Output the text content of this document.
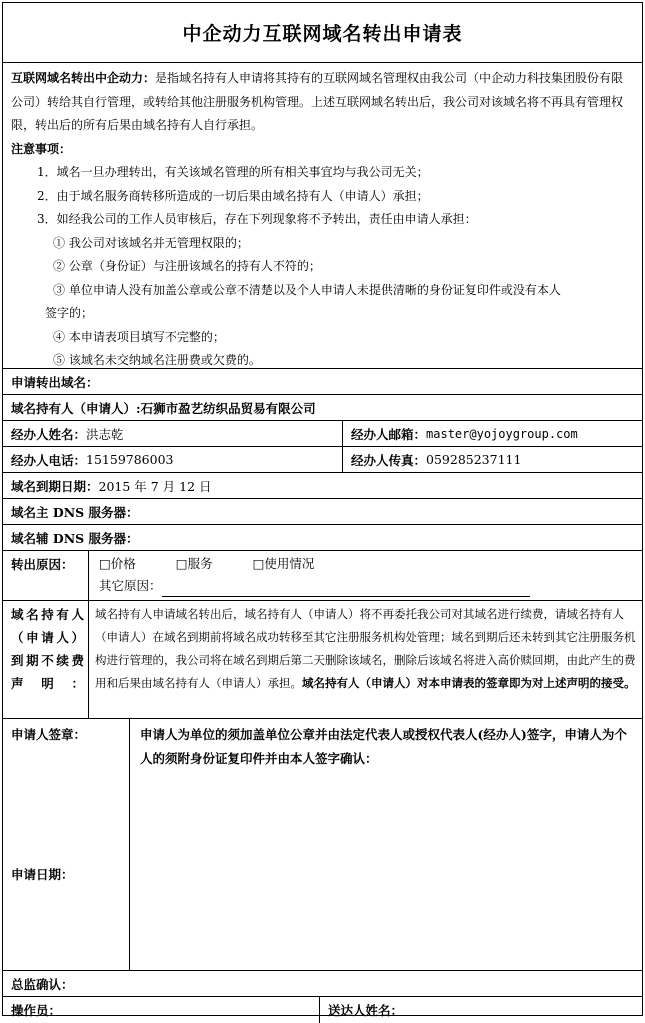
中企动力互联网域名转出申请表

互联网域名转出中企动力：是指域名持有人申请将其持有的互联网域名管理权由我公司（中企动力科技集团股份有限公司）转给其自行管理，或转给其他注册服务机构管理。上述互联网域名转出后，我公司对该域名将不再具有管理权限，转出后的所有后果由域名持有人自行承担。

注意事项：

1．域名一旦办理转出，有关该域名管理的所有相关事宜均与我公司无关；

2．由于域名服务商转移所造成的一切后果由域名持有人（申请人）承担；

3．如经我公司的工作人员审核后，存在下列现象将不予转出，责任由申请人承担：

① 我公司对该域名并无管理权限的；

② 公章（身份证）与注册该域名的持有人不符的；

③ 单位申请人没有加盖公章或公章不清楚以及个人申请人未提供清晰的身份证复印件或没有本人

签字的；

④ 本申请表项目填写不完整的；

⑤ 该域名未交纳域名注册费或欠费的。

申请转出域名：
域名持有人（申请人）: 石狮市盈艺纺织品贸易有限公司
经办人姓名： 洪志乾	经办人邮箱： master@yojoygroup.com
经办人电话： 15159786003	经办人传真： 059285237111
域名到期日期： 2015 年 7 月 12 日
域名主 DNS 服务器：
域名辅 DNS 服务器：
转出原因：	□价格	□服务	□使用情况
其它原因：
域名持有人（申请人）到期不续费声明：
域名持有人申请域名转出后，域名持有人（申请人）将不再委托我公司对其域名进行续费，请域名持有人（申请人）在域名到期前将域名成功转移至其它注册服务机构处管理；域名到期后还未转到其它注册服务机构进行管理的，我公司将在域名到期后第二天删除该域名，删除后该域名将进入高价赎回期，由此产生的费用和后果由域名持有人（申请人）承担。域名持有人（申请人）对本申请表的签章即为对上述声明的接受。
申请人签章：
申请日期：
申请人为单位的须加盖单位公章并由法定代表人或授权代表人(经办人)签字，申请人为个人的须附身份证复印件并由本人签字确认：
总监确认：
操作员：	送达人姓名：
